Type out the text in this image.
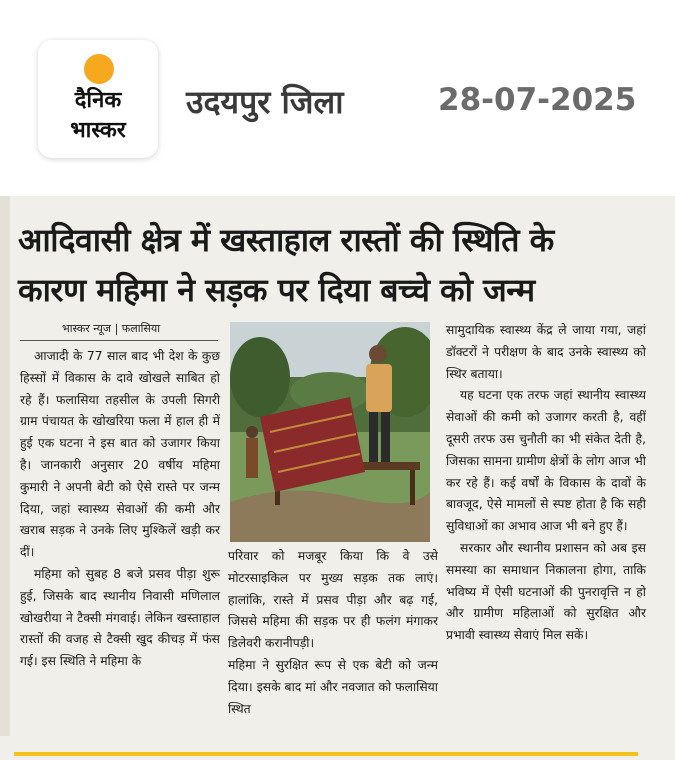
दैनिक
भास्कर
उदयपुर जिला	28-07-2025
आदिवासी क्षेत्र में खस्ताहाल रास्तों की स्थिति के
कारण महिमा ने सड़क पर दिया बच्चे को जन्म
भास्कर न्यूज | फलासिया

आजादी के 77 साल बाद भी देश के कुछ हिस्सों में विकास के दावे खोखले साबित हो रहे हैं। फलासिया तहसील के उपली सिगरी ग्राम पंचायत के खोखरिया फला में हाल ही में हुई एक घटना ने इस बात को उजागर किया है। जानकारी अनुसार 20 वर्षीय महिमा कुमारी ने अपनी बेटी को ऐसे रास्ते पर जन्म दिया, जहां स्वास्थ्य सेवाओं की कमी और खराब सड़क ने उनके लिए मुश्किलें खड़ी कर दीं।

महिमा को सुबह 8 बजे प्रसव पीड़ा शुरू हुई, जिसके बाद स्थानीय निवासी मणिलाल खोखरीया ने टैक्सी मंगवाई। लेकिन खस्ताहाल रास्तों की वजह से टैक्सी खुद कीचड़ में फंस गई। इस स्थिति ने महिमा के

परिवार को मजबूर किया कि वे उसे मोटरसाइकिल पर मुख्य सड़क तक लाएं। हालांकि, रास्ते में प्रसव पीड़ा और बढ़ गई, जिससे महिमा की सड़क पर ही फलंग मंगाकर डिलेवरी करानीपड़ी।

महिमा ने सुरक्षित रूप से एक बेटी को जन्म दिया। इसके बाद मां और नवजात को फलासिया स्थित

सामुदायिक स्वास्थ्य केंद्र ले जाया गया, जहां डॉक्टरों ने परीक्षण के बाद उनके स्वास्थ्य को स्थिर बताया।

यह घटना एक तरफ जहां स्थानीय स्वास्थ्य सेवाओं की कमी को उजागर करती है, वहीं दूसरी तरफ उस चुनौती का भी संकेत देती है, जिसका सामना ग्रामीण क्षेत्रों के लोग आज भी कर रहे हैं। कई वर्षों के विकास के दावों के बावजूद, ऐसे मामलों से स्पष्ट होता है कि सही सुविधाओं का अभाव आज भी बने हुए हैं।

सरकार और स्थानीय प्रशासन को अब इस समस्या का समाधान निकालना होगा, ताकि भविष्य में ऐसी घटनाओं की पुनरावृत्ति न हो और ग्रामीण महिलाओं को सुरक्षित और प्रभावी स्वास्थ्य सेवाएं मिल सकें।
